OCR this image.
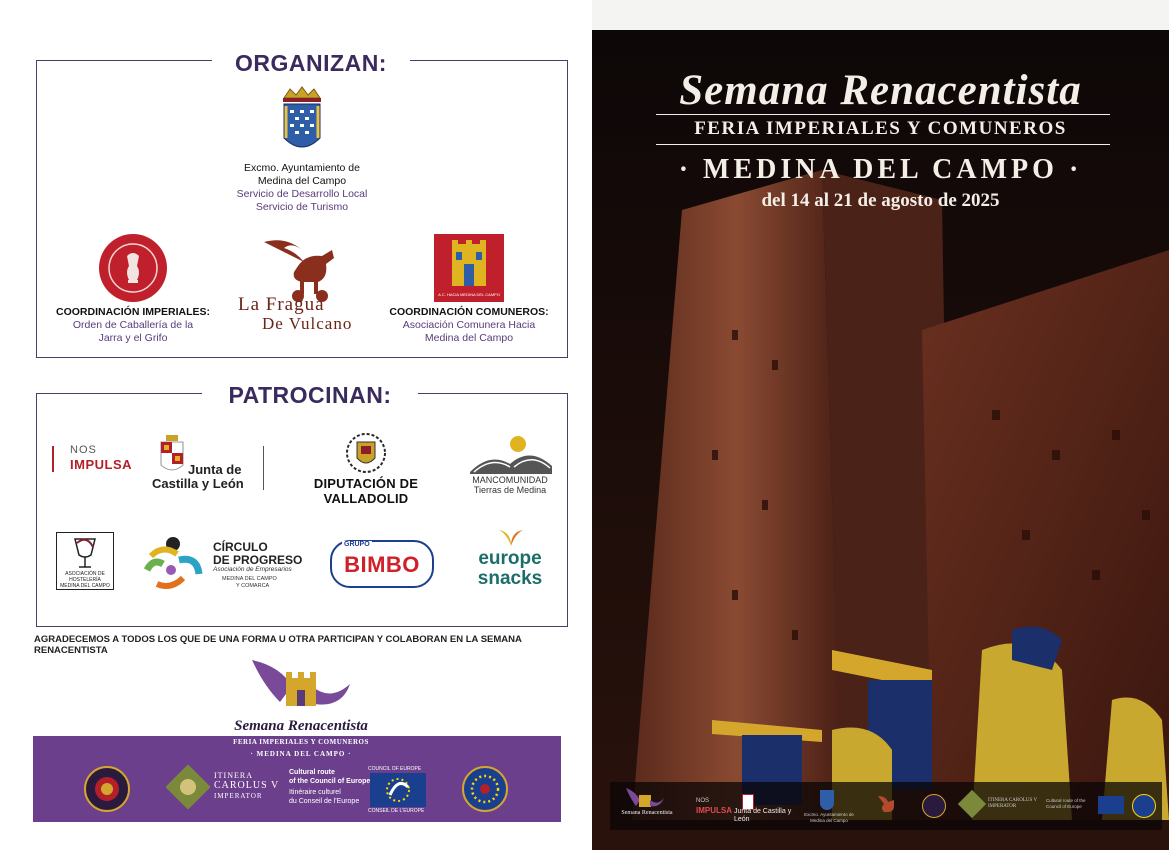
ORGANIZAN:
Excmo. Ayuntamiento de
Medina del Campo
Servicio de Desarrollo Local
Servicio de Turismo
COORDINACIÓN IMPERIALES:
Orden de Caballería de la
Jarra y el Grifo
La Fragua
De Vulcano
A.C. HACIA MEDINA DEL CAMPO
COORDINACIÓN COMUNEROS:
Asociación Comunera Hacia
Medina del Campo
PATROCINAN:
NOS
IMPULSA	Junta de
Castilla y León	DIPUTACIÓN DE VALLADOLID
MANCOMUNIDAD
Tierras de Medina
ASOCIACIÓN DE HOSTELERÍA MEDINA DEL CAMPO
CÍRCULO
DE PROGRESO
Asociación de Empresarios
MEDINA DEL CAMPO
Y COMARCA
GRUPO
BIMBO	europe
snacks
AGRADECEMOS A TODOS LOS QUE DE UNA FORMA U OTRA PARTICIPAN Y COLABORAN EN LA SEMANA RENACENTISTA
Semana Renacentista
FERIA IMPERIALES Y COMUNEROS
· MEDINA DEL CAMPO ·
ITINERA
CAROLUS V
IMPERATOR
Cultural route
of the Council of Europe
Itinéraire culturel
du Conseil de l'Europe
COUNCIL OF EUROPE
CONSEIL DE L'EUROPE
Semana Renacentista
FERIA IMPERIALES Y COMUNEROS
· MEDINA DEL CAMPO ·
del 14 al 21 de agosto de 2025
Semana Renacentista
NOS
IMPULSA Junta de Castilla y León
Excmo. Ayuntamiento de Medina del Campo
ITINERA CAROLUS V IMPERATOR
Cultural route of the Council of Europe
